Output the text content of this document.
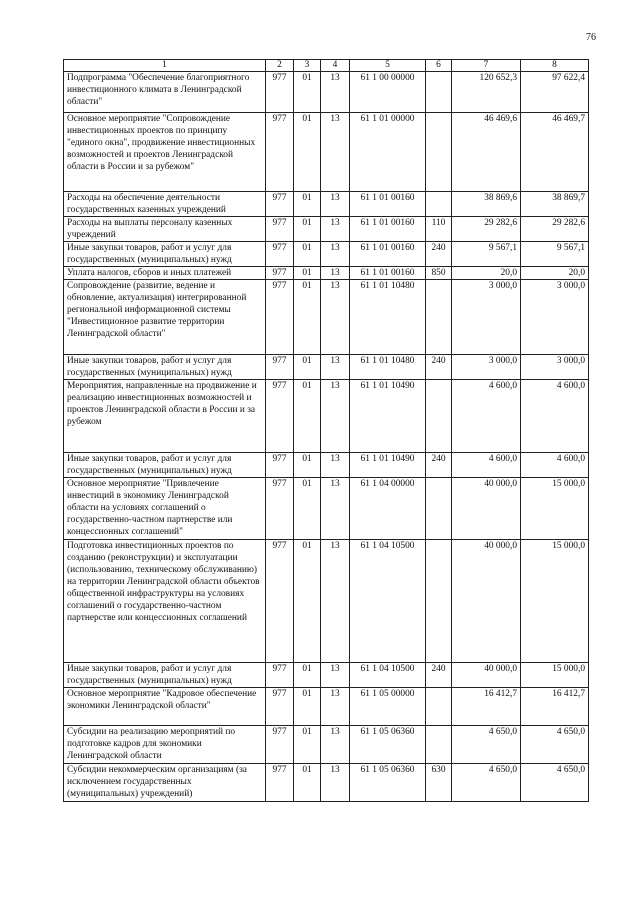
76
1	2	3	4	5	6	7	8
Подпрограмма "Обеспечение благоприятного инвестиционного климата в Ленинградской области"	977	01	13	61 1 00 00000		120 652,3	97 622,4
Основное мероприятие "Сопровождение инвестиционных проектов по принципу "единого окна", продвижение инвестиционных возможностей и проектов Ленинградской области в России и за рубежом"	977	01	13	61 1 01 00000		46 469,6	46 469,7
Расходы на обеспечение деятельности государственных казенных учреждений	977	01	13	61 1 01 00160		38 869,6	38 869,7
Расходы на выплаты персоналу казенных учреждений	977	01	13	61 1 01 00160	110	29 282,6	29 282,6
Иные закупки товаров, работ и услуг для государственных (муниципальных) нужд	977	01	13	61 1 01 00160	240	9 567,1	9 567,1
Уплата налогов, сборов и иных платежей	977	01	13	61 1 01 00160	850	20,0	20,0
Сопровождение (развитие, ведение и обновление, актуализация) интегрированной региональной информационной системы "Инвестиционное развитие территории Ленинградской области"	977	01	13	61 1 01 10480		3 000,0	3 000,0
Иные закупки товаров, работ и услуг для государственных (муниципальных) нужд	977	01	13	61 1 01 10480	240	3 000,0	3 000,0
Мероприятия, направленные на продвижение и реализацию инвестиционных возможностей и проектов Ленинградской области в России и за рубежом	977	01	13	61 1 01 10490		4 600,0	4 600,0
Иные закупки товаров, работ и услуг для государственных (муниципальных) нужд	977	01	13	61 1 01 10490	240	4 600,0	4 600,0
Основное мероприятие "Привлечение инвестиций в экономику Ленинградской области на условиях соглашений о государственно-частном партнерстве или концессионных соглашений"	977	01	13	61 1 04 00000		40 000,0	15 000,0
Подготовка инвестиционных проектов по созданию (реконструкции) и эксплуатации (использованию, техническому обслуживанию) на территории Ленинградской области объектов общественной инфраструктуры на условиях соглашений о государственно-частном партнерстве или концессионных соглашений	977	01	13	61 1 04 10500		40 000,0	15 000,0
Иные закупки товаров, работ и услуг для государственных (муниципальных) нужд	977	01	13	61 1 04 10500	240	40 000,0	15 000,0
Основное мероприятие "Кадровое обеспечение экономики Ленинградской области"	977	01	13	61 1 05 00000		16 412,7	16 412,7
Субсидии на реализацию мероприятий по подготовке кадров для экономики Ленинградской области	977	01	13	61 1 05 06360		4 650,0	4 650,0
Субсидии некоммерческим организациям (за исключением государственных (муниципальных) учреждений)	977	01	13	61 1 05 06360	630	4 650,0	4 650,0
